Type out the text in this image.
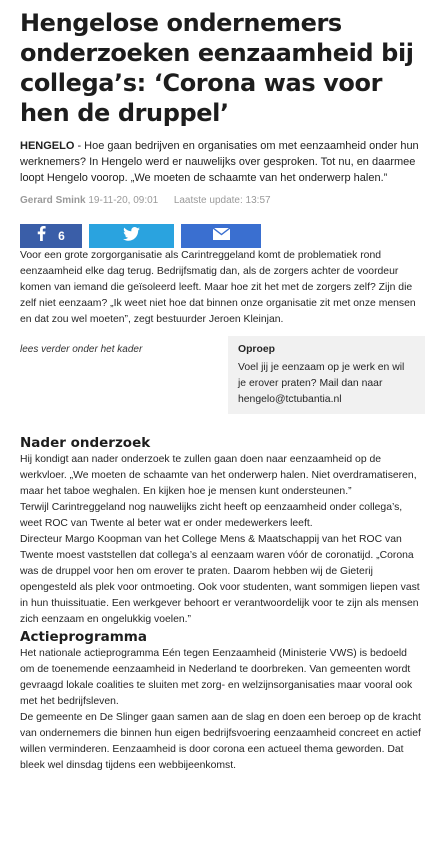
Hengelose ondernemers onderzoeken eenzaamheid bij collega’s: ‘Corona was voor hen de druppel’

HENGELO - Hoe gaan bedrijven en organisaties om met eenzaamheid onder hun werknemers? In Hengelo werd er nauwelijks over gesproken. Tot nu, en daarmee loopt Hengelo voorop. „We moeten de schaamte van het onderwerp halen.”

Gerard Smink 19-11-20, 09:01 Laatste update: 13:57
6

Voor een grote zorgorganisatie als Carintreggeland komt de problematiek rond eenzaamheid elke dag terug. Bedrijfsmatig dan, als de zorgers achter de voordeur komen van iemand die geïsoleerd leeft. Maar hoe zit het met de zorgers zelf? Zijn die zelf niet eenzaam? „Ik weet niet hoe dat binnen onze organisatie zit met onze mensen en dat zou wel moeten”, zegt bestuurder Jeroen Kleinjan.

lees verder onder het kader	Oproep
Voel jij je eenzaam op je werk en wil je erover praten? Mail dan naar hengelo@tctubantia.nl
Nader onderzoek

Hij kondigt aan nader onderzoek te zullen gaan doen naar eenzaamheid op de werkvloer. „We moeten de schaamte van het onderwerp halen. Niet overdramatiseren, maar het taboe weghalen. En kijken hoe je mensen kunt ondersteunen.”

Terwijl Carintreggeland nog nauwelijks zicht heeft op eenzaamheid onder collega’s, weet ROC van Twente al beter wat er onder medewerkers leeft.

Directeur Margo Koopman van het College Mens & Maatschappij van het ROC van Twente moest vaststellen dat collega’s al eenzaam waren vóór de coronatijd. „Corona was de druppel voor hen om erover te praten. Daarom hebben wij de Gieterij opengesteld als plek voor ontmoeting. Ook voor studenten, want sommigen liepen vast in hun thuissituatie. Een werkgever behoort er verantwoordelijk voor te zijn als mensen zich eenzaam en ongelukkig voelen.”

Actieprogramma

Het nationale actieprogramma Eén tegen Eenzaamheid (Ministerie VWS) is bedoeld om de toenemende eenzaamheid in Nederland te doorbreken. Van gemeenten wordt gevraagd lokale coalities te sluiten met zorg- en welzijnsorganisaties maar vooral ook met het bedrijfsleven.

De gemeente en De Slinger gaan samen aan de slag en doen een beroep op de kracht van ondernemers die binnen hun eigen bedrijfsvoering eenzaamheid concreet en actief willen verminderen. Eenzaamheid is door corona een actueel thema geworden. Dat bleek wel dinsdag tijdens een webbijeenkomst.
